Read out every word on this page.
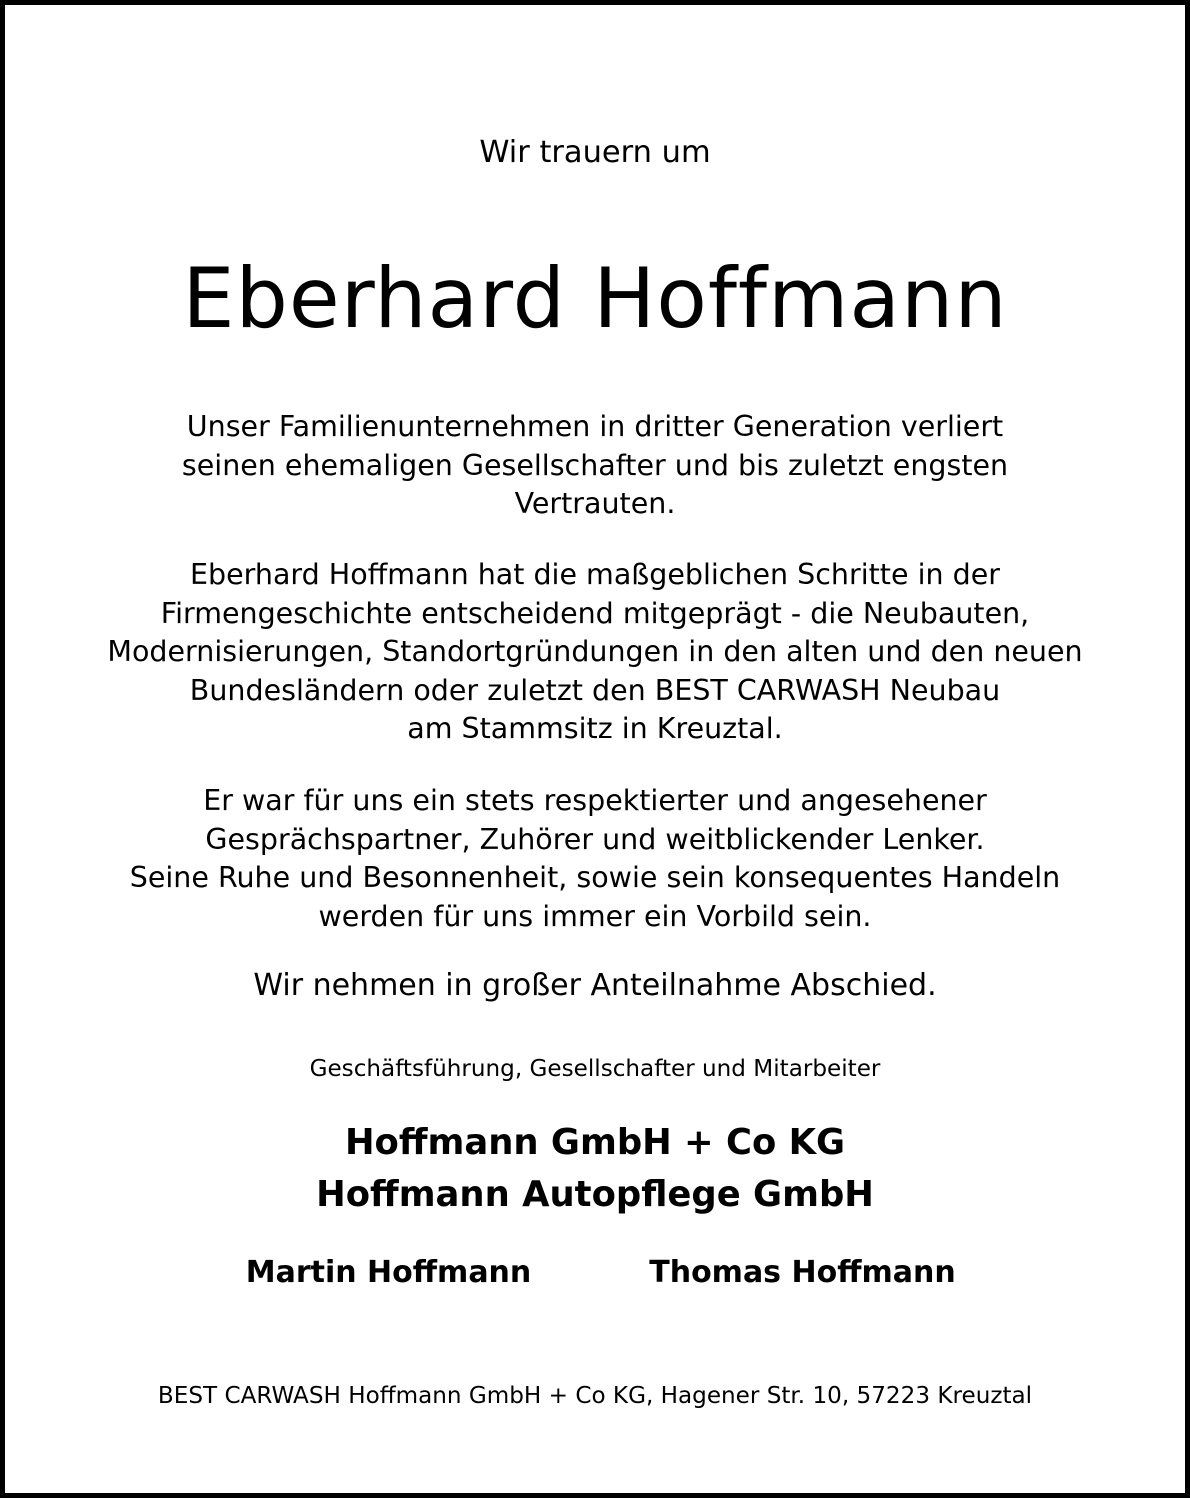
Wir trauern um
Eberhard Hoffmann
Unser Familienunternehmen in dritter Generation verliert
seinen ehemaligen Gesellschafter und bis zuletzt engsten
Vertrauten.
Eberhard Hoffmann hat die maßgeblichen Schritte in der
Firmengeschichte entscheidend mitgeprägt - die Neubauten,
Modernisierungen, Standortgründungen in den alten und den neuen
Bundesländern oder zuletzt den BEST CARWASH Neubau
am Stammsitz in Kreuztal.
Er war für uns ein stets respektierter und angesehener
Gesprächspartner, Zuhörer und weitblickender Lenker.
Seine Ruhe und Besonnenheit, sowie sein konsequentes Handeln
werden für uns immer ein Vorbild sein.
Wir nehmen in großer Anteilnahme Abschied.
Geschäftsführung, Gesellschafter und Mitarbeiter
Hoffmann GmbH + Co KG
Hoffmann Autopflege GmbH
Martin Hoffmann	Thomas Hoffmann
BEST CARWASH Hoffmann GmbH + Co KG, Hagener Str. 10, 57223 Kreuztal
